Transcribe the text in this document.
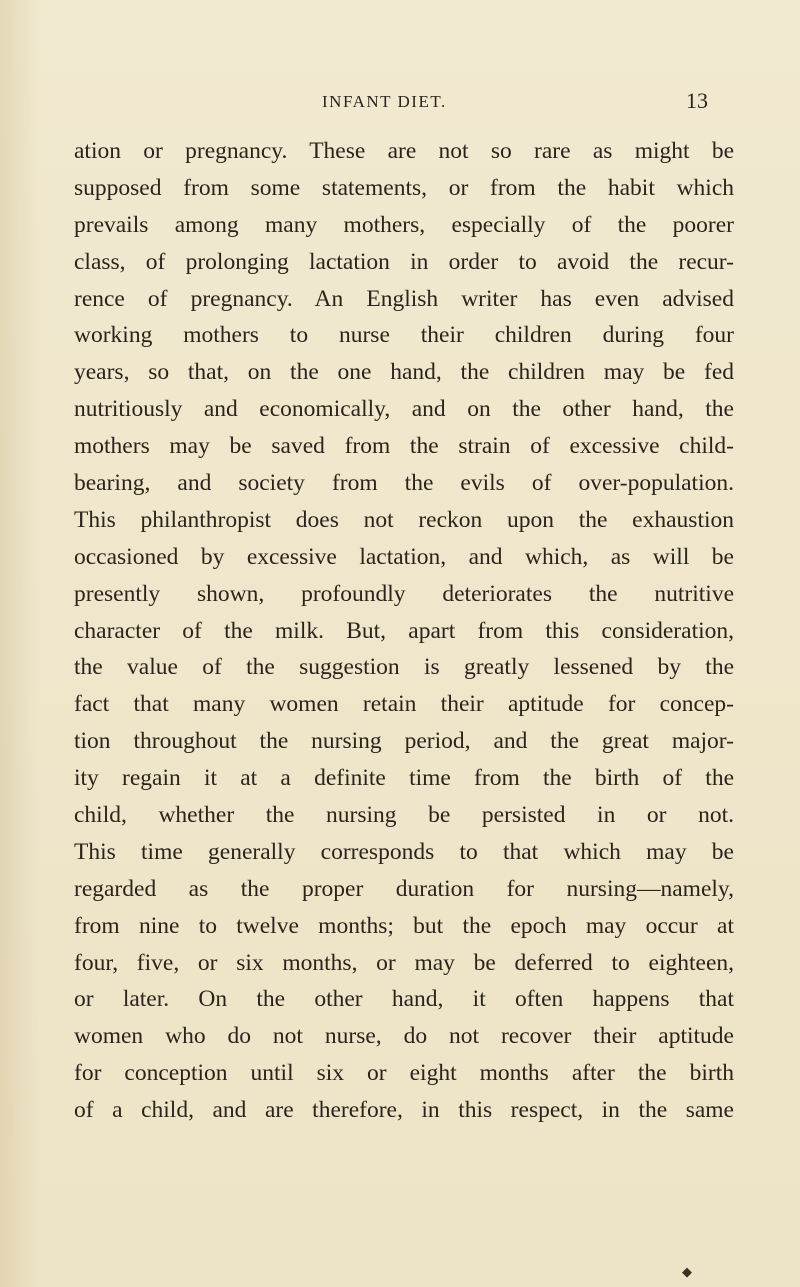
INFANT DIET.	13
ation or pregnancy. These are not so rare as might be
supposed from some statements, or from the habit which
prevails among many mothers, especially of the poorer
class, of prolonging lactation in order to avoid the recur-
rence of pregnancy. An English writer has even advised
working mothers to nurse their children during four
years, so that, on the one hand, the children may be fed
nutritiously and economically, and on the other hand, the
mothers may be saved from the strain of excessive child-
bearing, and society from the evils of over-population.
This philanthropist does not reckon upon the exhaustion
occasioned by excessive lactation, and which, as will be
presently shown, profoundly deteriorates the nutritive
character of the milk. But, apart from this consideration,
the value of the suggestion is greatly lessened by the
fact that many women retain their aptitude for concep-
tion throughout the nursing period, and the great major-
ity regain it at a definite time from the birth of the
child, whether the nursing be persisted in or not.
This time generally corresponds to that which may be
regarded as the proper duration for nursing—namely,
from nine to twelve months; but the epoch may occur at
four, five, or six months, or may be deferred to eighteen,
or later. On the other hand, it often happens that
women who do not nurse, do not recover their aptitude
for conception until six or eight months after the birth
of a child, and are therefore, in this respect, in the same
◆
